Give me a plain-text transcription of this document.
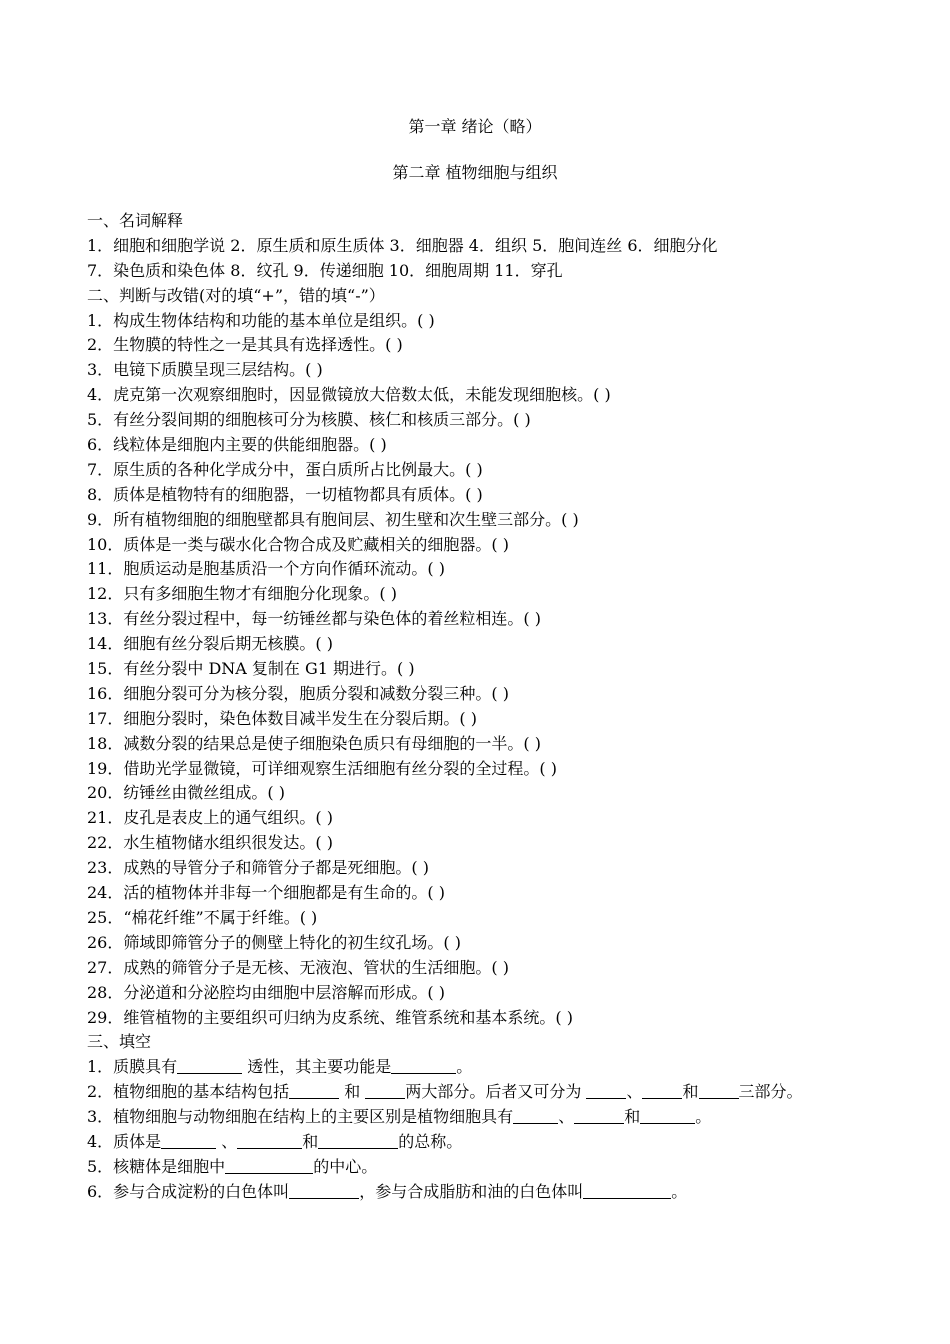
第一章 绪论（略）
第二章 植物细胞与组织
一、名词解释
1．细胞和细胞学说 2．原生质和原生质体 3．细胞器 4．组织 5．胞间连丝 6．细胞分化
7．染色质和染色体 8．纹孔 9．传递细胞 10．细胞周期 11．穿孔
二、判断与改错(对的填“+”，错的填“-”）
1．构成生物体结构和功能的基本单位是组织。( )
2．生物膜的特性之一是其具有选择透性。( )
3．电镜下质膜呈现三层结构。( )
4．虎克第一次观察细胞时，因显微镜放大倍数太低，未能发现细胞核。( )
5．有丝分裂间期的细胞核可分为核膜、核仁和核质三部分。( )
6．线粒体是细胞内主要的供能细胞器。( )
7．原生质的各种化学成分中，蛋白质所占比例最大。( )
8．质体是植物特有的细胞器，一切植物都具有质体。( )
9．所有植物细胞的细胞壁都具有胞间层、初生壁和次生壁三部分。( )
10．质体是一类与碳水化合物合成及贮藏相关的细胞器。( )
11．胞质运动是胞基质沿一个方向作循环流动。( )
12．只有多细胞生物才有细胞分化现象。( )
13．有丝分裂过程中，每一纺锤丝都与染色体的着丝粒相连。( )
14．细胞有丝分裂后期无核膜。( )
15．有丝分裂中 DNA 复制在 G1 期进行。( )
16．细胞分裂可分为核分裂，胞质分裂和减数分裂三种。( )
17．细胞分裂时，染色体数目减半发生在分裂后期。( )
18．减数分裂的结果总是使子细胞染色质只有母细胞的一半。( )
19．借助光学显微镜，可详细观察生活细胞有丝分裂的全过程。( )
20．纺锤丝由微丝组成。( )
21．皮孔是表皮上的通气组织。( )
22．水生植物储水组织很发达。( )
23．成熟的导管分子和筛管分子都是死细胞。( )
24．活的植物体并非每一个细胞都是有生命的。( )
25．“棉花纤维”不属于纤维。( )
26．筛域即筛管分子的侧壁上特化的初生纹孔场。( )
27．成熟的筛管分子是无核、无液泡、管状的生活细胞。( )
28．分泌道和分泌腔均由细胞中层溶解而形成。( )
29．维管植物的主要组织可归纳为皮系统、维管系统和基本系统。( )
三、填空
1．质膜具有	透性，其主要功能是	。
2．植物细胞的基本结构包括	和	两大部分。后者又可分为	、	和	三部分。
3．植物细胞与动物细胞在结构上的主要区别是植物细胞具有	、	和	。
4．质体是	、	和	的总称。
5．核糖体是细胞中	的中心。
6．参与合成淀粉的白色体叫	，参与合成脂肪和油的白色体叫	。
